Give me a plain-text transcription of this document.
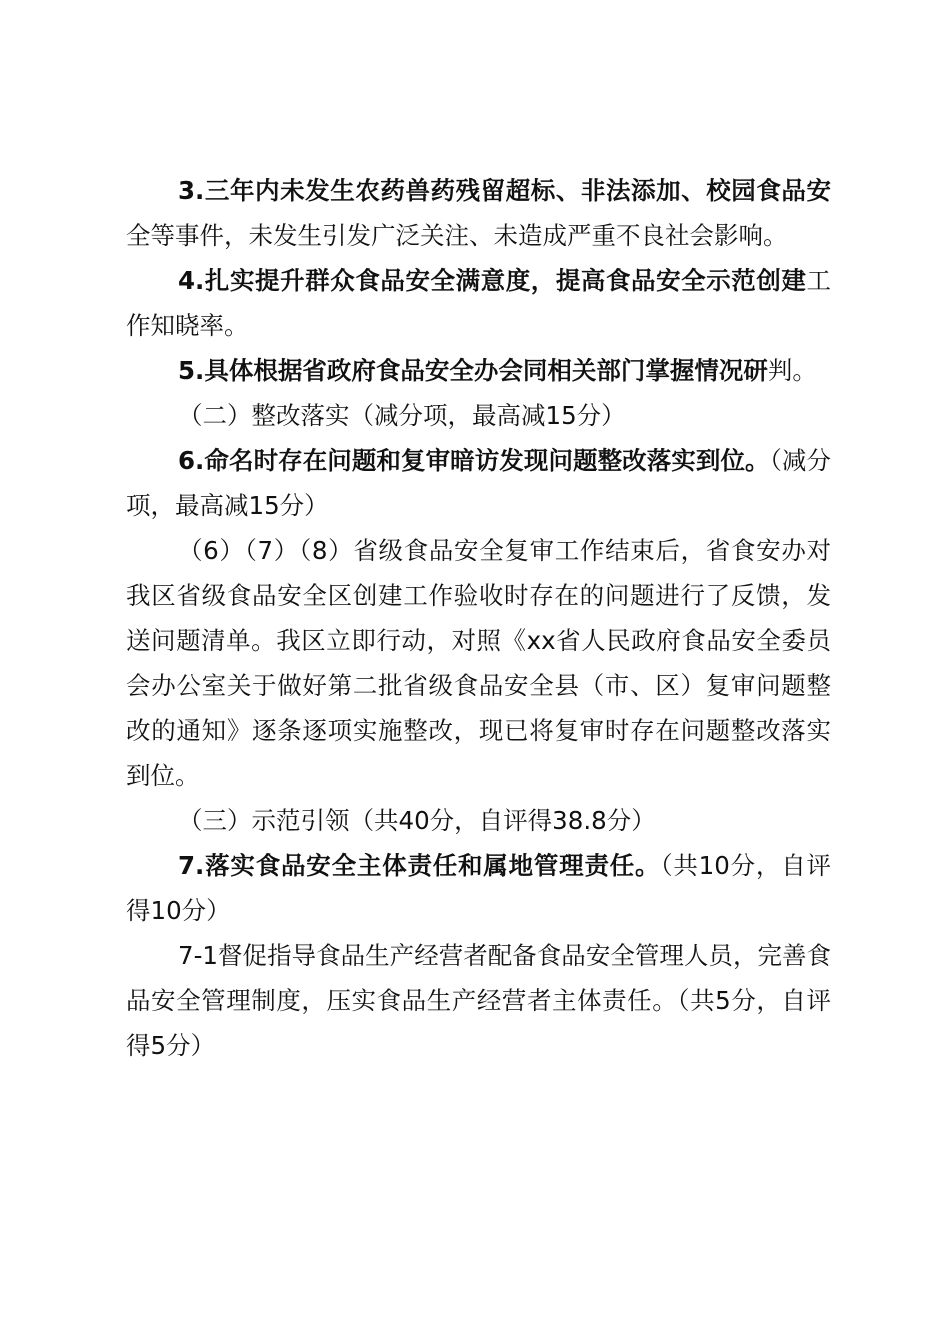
3.三年内未发生农药兽药残留超标、非法添加、校园食品安全等事件，未发生引发广泛关注、未造成严重不良社会影响。

4.扎实提升群众食品安全满意度，提高食品安全示范创建工作知晓率。

5.具体根据省政府食品安全办会同相关部门掌握情况研判。

（二）整改落实（减分项，最高减15分）

6.命名时存在问题和复审暗访发现问题整改落实到位。（减分项，最高减15分）

（6）（7）（8）省级食品安全复审工作结束后，省食安办对我区省级食品安全区创建工作验收时存在的问题进行了反馈，发送问题清单。我区立即行动，对照《xx省人民政府食品安全委员会办公室关于做好第二批省级食品安全县（市、区）复审问题整改的通知》逐条逐项实施整改，现已将复审时存在问题整改落实到位。

（三）示范引领（共40分，自评得38.8分）

7.落实食品安全主体责任和属地管理责任。（共10分，自评得10分）

7-1督促指导食品生产经营者配备食品安全管理人员，完善食品安全管理制度，压实食品生产经营者主体责任。（共5分，自评得5分）
